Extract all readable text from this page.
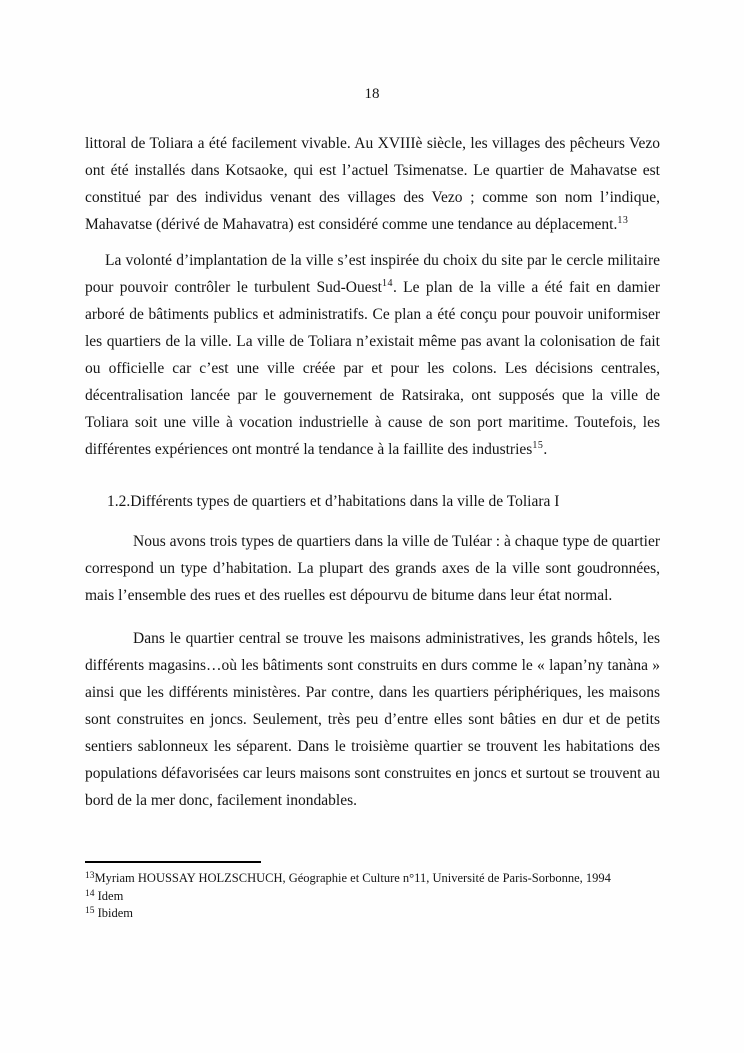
18

littoral de Toliara a été facilement vivable. Au XVIIIè siècle, les villages des pêcheurs Vezo ont été installés dans Kotsaoke, qui est l’actuel Tsimenatse. Le quartier de Mahavatse est constitué par des individus venant des villages des Vezo ; comme son nom l’indique, Mahavatse (dérivé de Mahavatra) est considéré comme une tendance au déplacement.$^{13}$

La volonté d’implantation de la ville s’est inspirée du choix du site par le cercle militaire pour pouvoir contrôler le turbulent Sud-Ouest$^{14}$. Le plan de la ville a été fait en damier arboré de bâtiments publics et administratifs. Ce plan a été conçu pour pouvoir uniformiser les quartiers de la ville. La ville de Toliara n’existait même pas avant la colonisation de fait ou officielle car c’est une ville créée par et pour les colons. Les décisions centrales, décentralisation lancée par le gouvernement de Ratsiraka, ont supposés que la ville de Toliara soit une ville à vocation industrielle à cause de son port maritime. Toutefois, les différentes expériences ont montré la tendance à la faillite des industries$^{15}$.

1.2.Différents types de quartiers et d’habitations dans la ville de Toliara I

Nous avons trois types de quartiers dans la ville de Tuléar : à chaque type de quartier correspond un type d’habitation. La plupart des grands axes de la ville sont goudronnées, mais l’ensemble des rues et des ruelles est dépourvu de bitume dans leur état normal.

Dans le quartier central se trouve les maisons administratives, les grands hôtels, les différents magasins…où les bâtiments sont construits en durs comme le « lapan’ny tanàna » ainsi que les différents ministères. Par contre, dans les quartiers périphériques, les maisons sont construites en joncs. Seulement, très peu d’entre elles sont bâties en dur et de petits sentiers sablonneux les séparent. Dans le troisième quartier se trouvent les habitations des populations défavorisées car leurs maisons sont construites en joncs et surtout se trouvent au bord de la mer donc, facilement inondables.

$^{13}$Myriam HOUSSAY HOLZSCHUCH, Géographie et Culture n°11, Université de Paris-Sorbonne, 1994
$^{14}$ Idem
$^{15}$ Ibidem
